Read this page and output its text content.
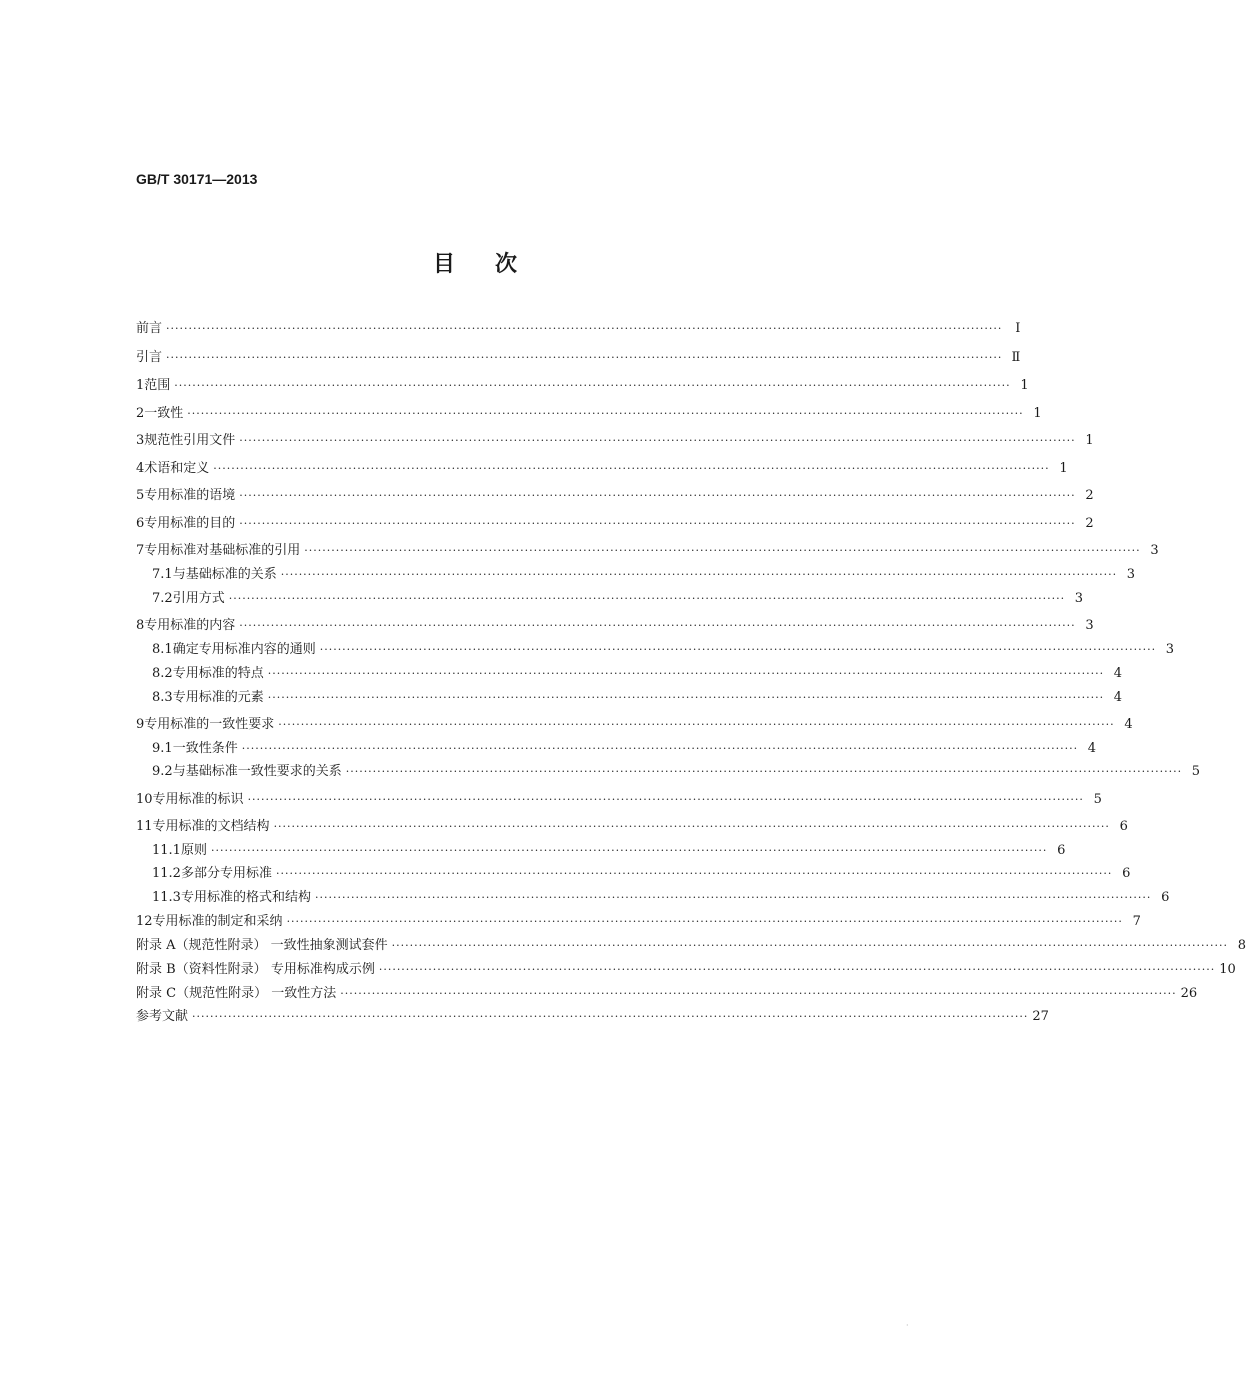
GB/T 30171—2013
目次
前言 ·························································································································································································· Ⅰ
引言 ·························································································································································································· Ⅱ
1 范围 ·························································································································································································· 1
2 一致性 ·························································································································································································· 1
3 规范性引用文件 ·························································································································································································· 1
4 术语和定义 ·························································································································································································· 1
5 专用标准的语境 ·························································································································································································· 2
6 专用标准的目的 ·························································································································································································· 2
7 专用标准对基础标准的引用 ·························································································································································································· 3
7.1 与基础标准的关系 ·························································································································································································· 3
7.2 引用方式 ·························································································································································································· 3
8 专用标准的内容 ·························································································································································································· 3
8.1 确定专用标准内容的通则 ·························································································································································································· 3
8.2 专用标准的特点 ·························································································································································································· 4
8.3 专用标准的元素 ·························································································································································································· 4
9 专用标准的一致性要求 ·························································································································································································· 4
9.1 一致性条件 ·························································································································································································· 4
9.2 与基础标准一致性要求的关系 ·························································································································································································· 5
10 专用标准的标识 ·························································································································································································· 5
11 专用标准的文档结构 ·························································································································································································· 6
11.1 原则 ·························································································································································································· 6
11.2 多部分专用标准 ·························································································································································································· 6
11.3 专用标准的格式和结构 ·························································································································································································· 6
12 专用标准的制定和采纳 ·························································································································································································· 7
附录 A（规范性附录） 一致性抽象测试套件 ·························································································································································································· 8
附录 B（资料性附录） 专用标准构成示例 ·························································································································································································· 10
附录 C（规范性附录） 一致性方法 ·························································································································································································· 26
参考文献 ·························································································································································································· 27
·
